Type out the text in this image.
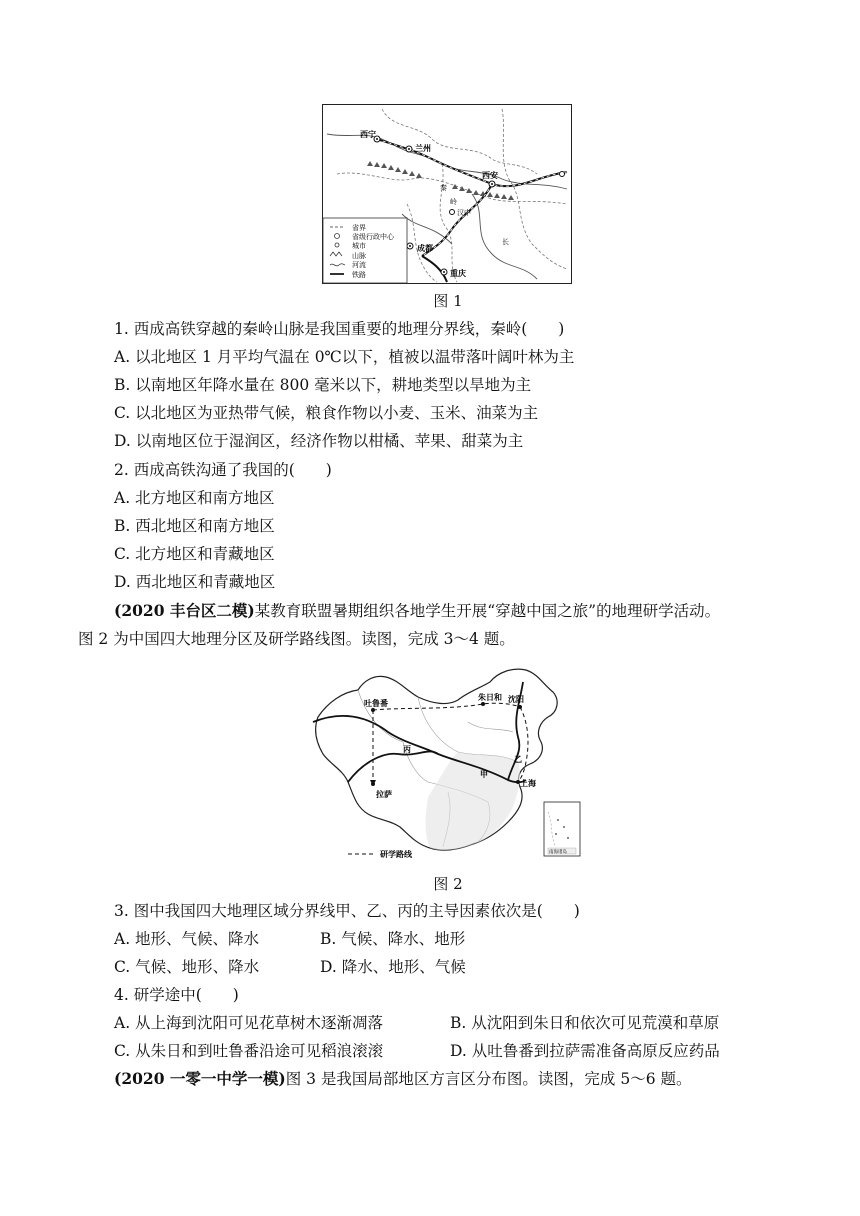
西宁
兰州
西安
汉中
成都
重庆
秦
岭
长
省界
省级行政中心
城市
山脉
河流
铁路
图 1
1. 西成高铁穿越的秦岭山脉是我国重要的地理分界线，秦岭(　　)
A. 以北地区 1 月平均气温在 0℃以下，植被以温带落叶阔叶林为主
B. 以南地区年降水量在 800 毫米以下，耕地类型以旱地为主
C. 以北地区为亚热带气候，粮食作物以小麦、玉米、油菜为主
D. 以南地区位于湿润区，经济作物以柑橘、苹果、甜菜为主
2. 西成高铁沟通了我国的(　　)
A. 北方地区和南方地区
B. 西北地区和南方地区
C. 北方地区和青藏地区
D. 西北地区和青藏地区
(2020 丰台区二模)某教育联盟暑期组织各地学生开展“穿越中国之旅”的地理研学活动。
图 2 为中国四大地理分区及研学路线图。读图，完成 3～4 题。
南海诸岛
吐鲁番
拉萨
朱日和 沈阳
上海
丙
甲
乙
研学路线
图 2
3. 图中我国四大地理区域分界线甲、乙、丙的主导因素依次是(　　)
A. 地形、气候、降水	B. 气候、降水、地形
C. 气候、地形、降水	D. 降水、地形、气候
4. 研学途中(　　)
A. 从上海到沈阳可见花草树木逐渐凋落	B. 从沈阳到朱日和依次可见荒漠和草原
C. 从朱日和到吐鲁番沿途可见稻浪滚滚	D. 从吐鲁番到拉萨需准备高原反应药品
(2020 一零一中学一模)图 3 是我国局部地区方言区分布图。读图，完成 5～6 题。
